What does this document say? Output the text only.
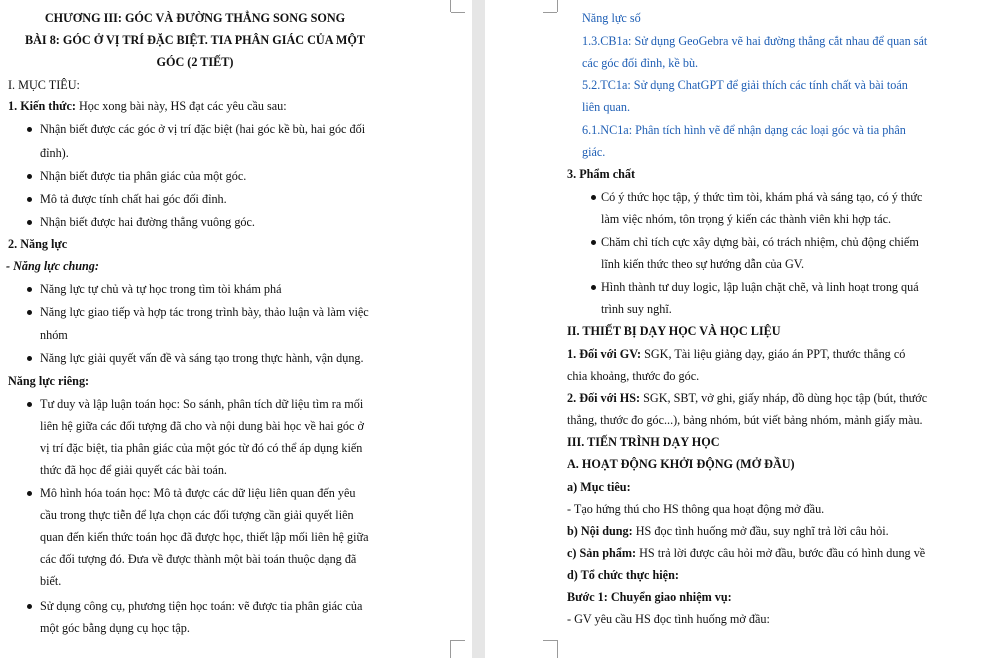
CHƯƠNG III: GÓC VÀ ĐƯỜNG THẲNG SONG SONG
BÀI 8: GÓC Ở VỊ TRÍ ĐẶC BIỆT. TIA PHÂN GIÁC CỦA MỘT
GÓC (2 TIẾT)
I. MỤC TIÊU:
1. Kiến thức: Học xong bài này, HS đạt các yêu cầu sau:
Nhận biết được các góc ở vị trí đặc biệt (hai góc kề bù, hai góc đối
đỉnh).
Nhận biết được tia phân giác của một góc.
Mô tả được tính chất hai góc đối đỉnh.
Nhận biết được hai đường thẳng vuông góc.
2. Năng lực
- Năng lực chung:
Năng lực tự chủ và tự học trong tìm tòi khám phá
Năng lực giao tiếp và hợp tác trong trình bày, thảo luận và làm việc
nhóm
Năng lực giải quyết vấn đề và sáng tạo trong thực hành, vận dụng.
Năng lực riêng:
Tư duy và lập luận toán học: So sánh, phân tích dữ liệu tìm ra mối
liên hệ giữa các đối tượng đã cho và nội dung bài học về hai góc ở
vị trí đặc biệt, tia phân giác của một góc từ đó có thể áp dụng kiến
thức đã học để giải quyết các bài toán.
Mô hình hóa toán học: Mô tả được các dữ liệu liên quan đến yêu
cầu trong thực tiễn để lựa chọn các đối tượng cần giải quyết liên
quan đến kiến thức toán học đã được học, thiết lập mối liên hệ giữa
các đối tượng đó. Đưa về được thành một bài toán thuộc dạng đã
biết.
Sử dụng công cụ, phương tiện học toán: vẽ được tia phân giác của
một góc bằng dụng cụ học tập.
Năng lực số
1.3.CB1a: Sử dụng GeoGebra vẽ hai đường thẳng cắt nhau để quan sát
các góc đối đỉnh, kề bù.
5.2.TC1a: Sử dụng ChatGPT để giải thích các tính chất và bài toán
liên quan.
6.1.NC1a: Phân tích hình vẽ để nhận dạng các loại góc và tia phân
giác.
3. Phẩm chất
Có ý thức học tập, ý thức tìm tòi, khám phá và sáng tạo, có ý thức
làm việc nhóm, tôn trọng ý kiến các thành viên khi hợp tác.
Chăm chỉ tích cực xây dựng bài, có trách nhiệm, chủ động chiếm
lĩnh kiến thức theo sự hướng dẫn của GV.
Hình thành tư duy logic, lập luận chặt chẽ, và linh hoạt trong quá
trình suy nghĩ.
II. THIẾT BỊ DẠY HỌC VÀ HỌC LIỆU
1. Đối với GV: SGK, Tài liệu giảng dạy, giáo án PPT, thước thẳng có
chia khoảng, thước đo góc.
2. Đối với HS: SGK, SBT, vở ghi, giấy nháp, đồ dùng học tập (bút, thước
thẳng, thước đo góc...), bảng nhóm, bút viết bảng nhóm, mảnh giấy màu.
III. TIẾN TRÌNH DẠY HỌC
A. HOẠT ĐỘNG KHỞI ĐỘNG (MỞ ĐẦU)
a) Mục tiêu:
- Tạo hứng thú cho HS thông qua hoạt động mở đầu.
b) Nội dung: HS đọc tình huống mở đầu, suy nghĩ trả lời câu hỏi.
c) Sản phẩm: HS trả lời được câu hỏi mở đầu, bước đầu có hình dung về
d) Tổ chức thực hiện:
Bước 1: Chuyển giao nhiệm vụ:
- GV yêu cầu HS đọc tình huống mở đầu:
